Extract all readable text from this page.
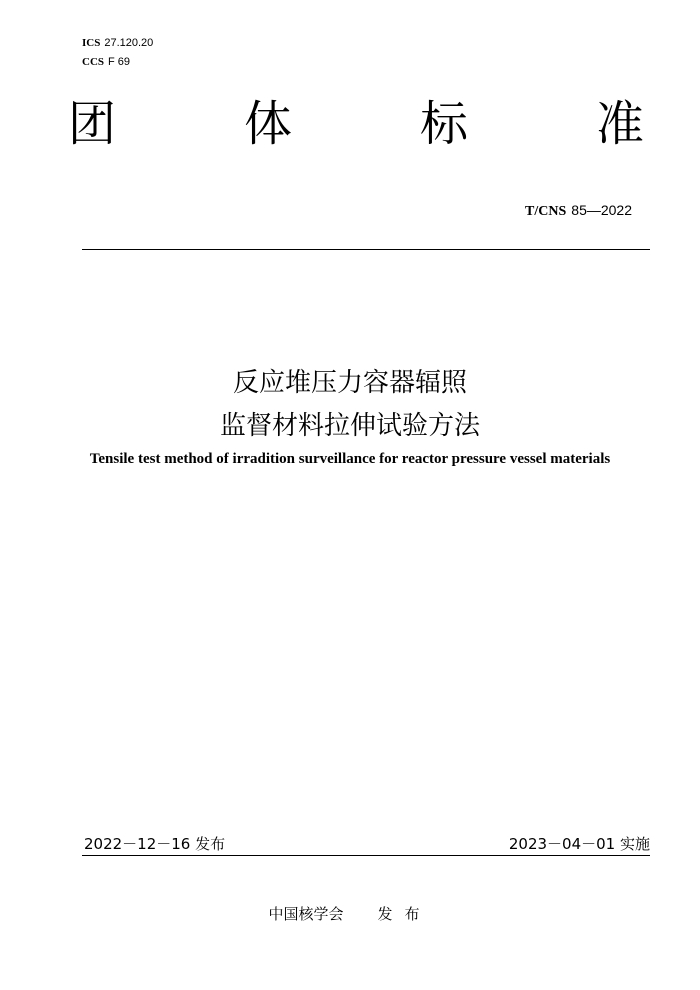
ICS 27.120.20
CCS F 69
团	体	标	准
T/CNS 85—2022
反应堆压力容器辐照
监督材料拉伸试验方法
Tensile test method of irradition surveillance for reactor pressure vessel materials
2022－12－16 发布	2023－04－01 实施
中国核学会 发布
